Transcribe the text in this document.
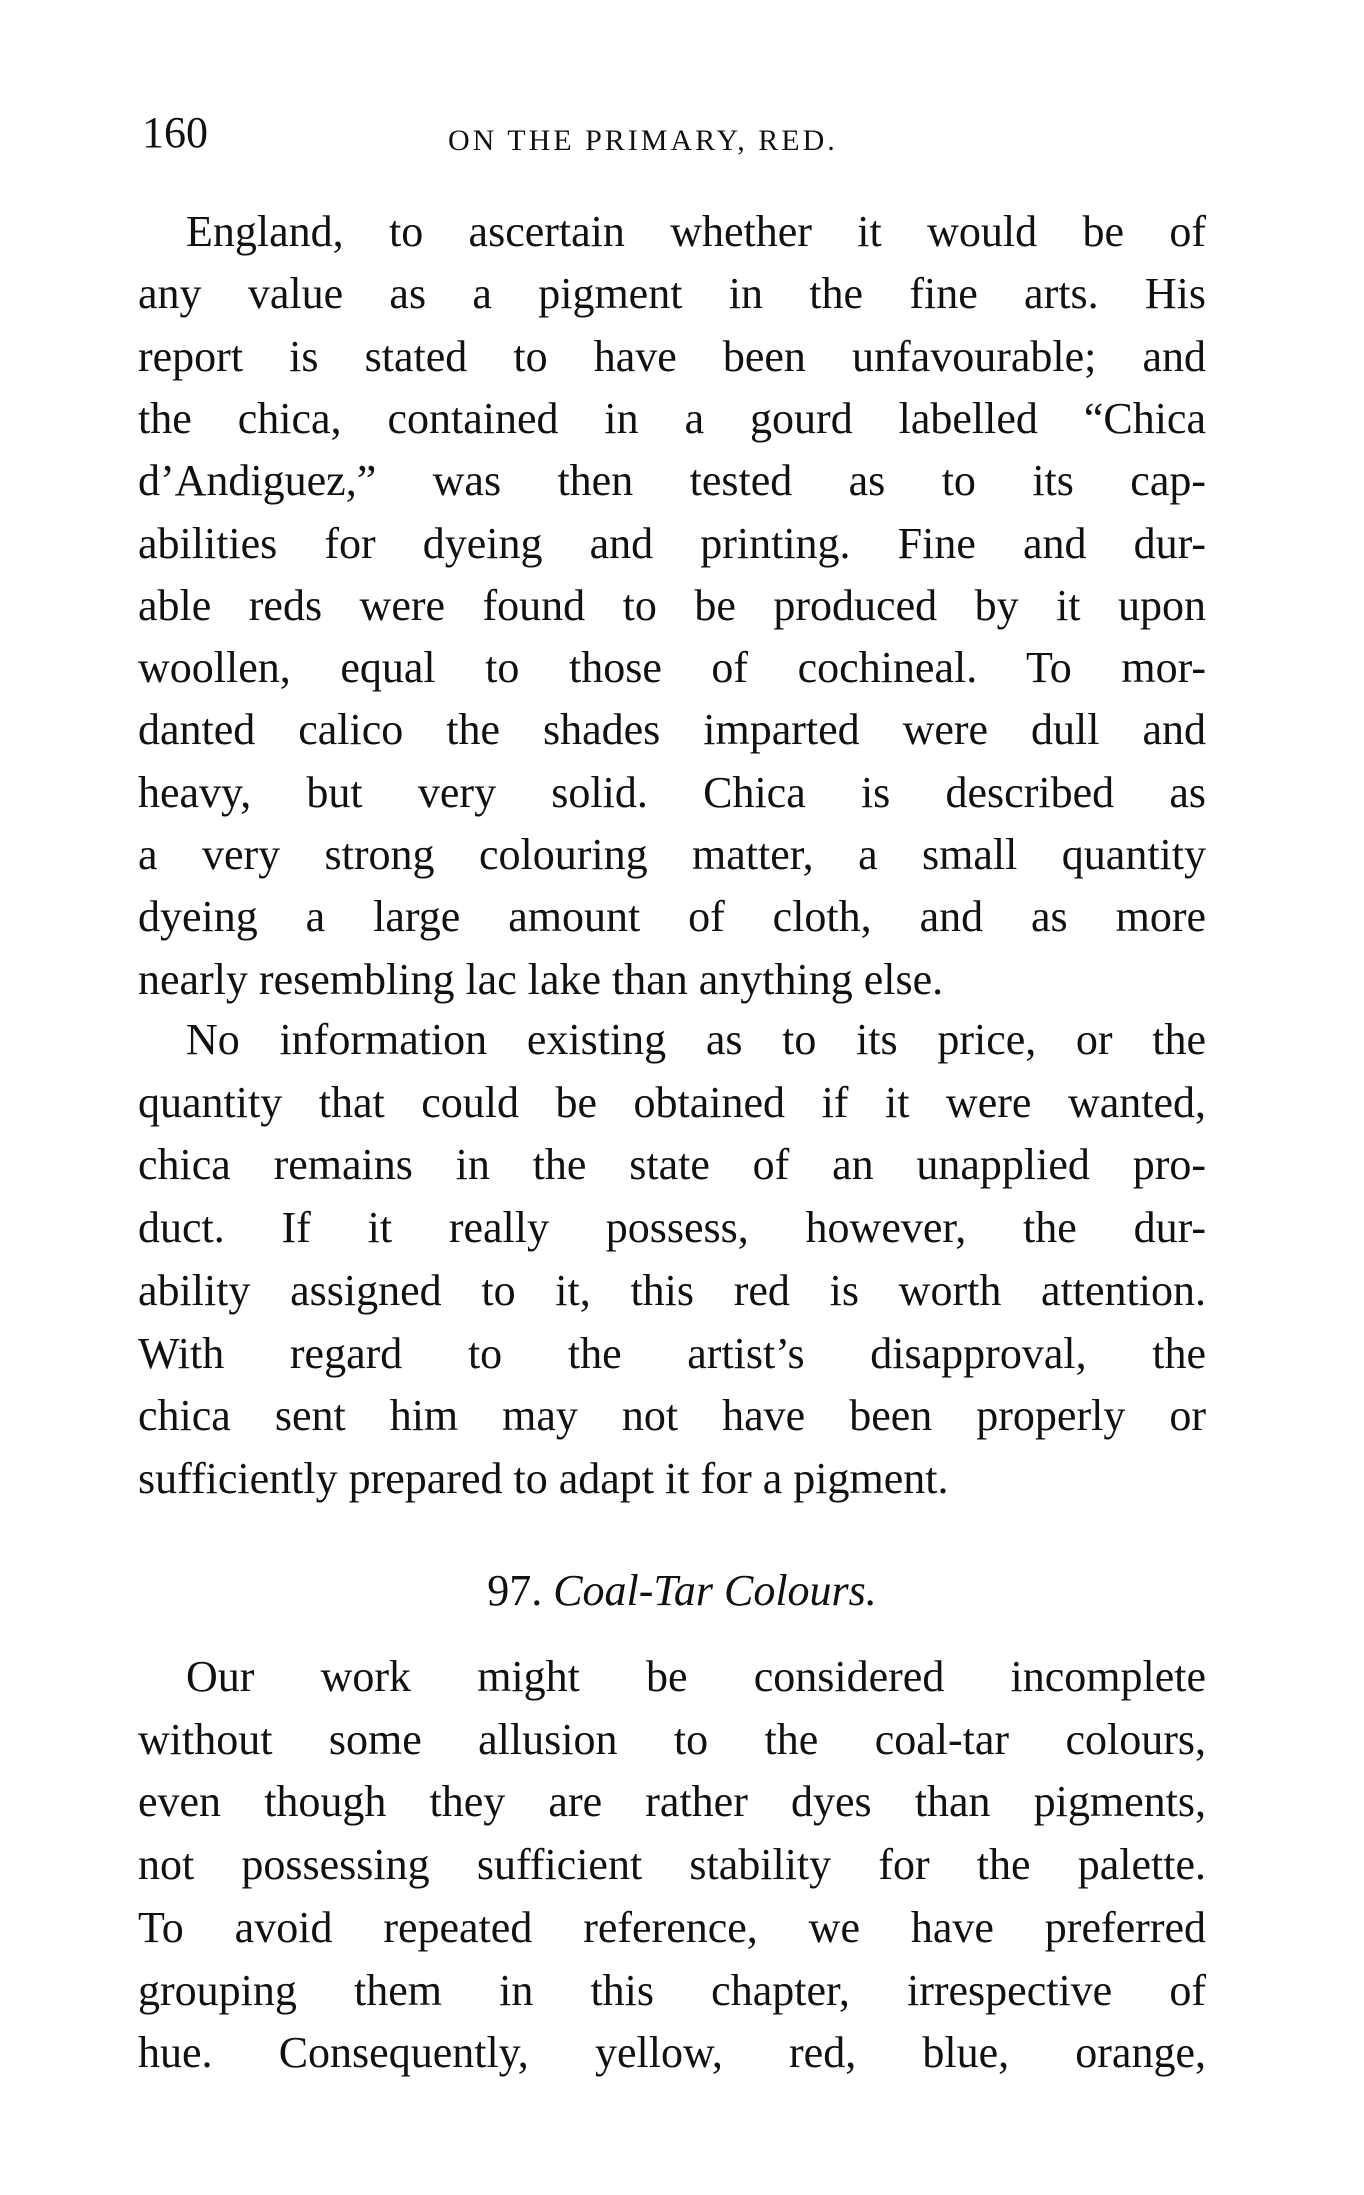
160	ON THE PRIMARY, RED.
England, to ascertain whether it would be of
any value as a pigment in the fine arts. His
report is stated to have been unfavourable; and
the chica, contained in a gourd labelled “Chica
d’Andiguez,” was then tested as to its cap-
abilities for dyeing and printing. Fine and dur-
able reds were found to be produced by it upon
woollen, equal to those of cochineal. To mor-
danted calico the shades imparted were dull and
heavy, but very solid. Chica is described as
a very strong colouring matter, a small quantity
dyeing a large amount of cloth, and as more
nearly resembling lac lake than anything else.
No information existing as to its price, or the
quantity that could be obtained if it were wanted,
chica remains in the state of an unapplied pro-
duct. If it really possess, however, the dur-
ability assigned to it, this red is worth attention.
With regard to the artist’s disapproval, the
chica sent him may not have been properly or
sufficiently prepared to adapt it for a pigment.
Our work might be considered incomplete
without some allusion to the coal-tar colours,
even though they are rather dyes than pigments,
not possessing sufficient stability for the palette.
To avoid repeated reference, we have preferred
grouping them in this chapter, irrespective of
hue. Consequently, yellow, red, blue, orange,
97. Coal-Tar Colours.
